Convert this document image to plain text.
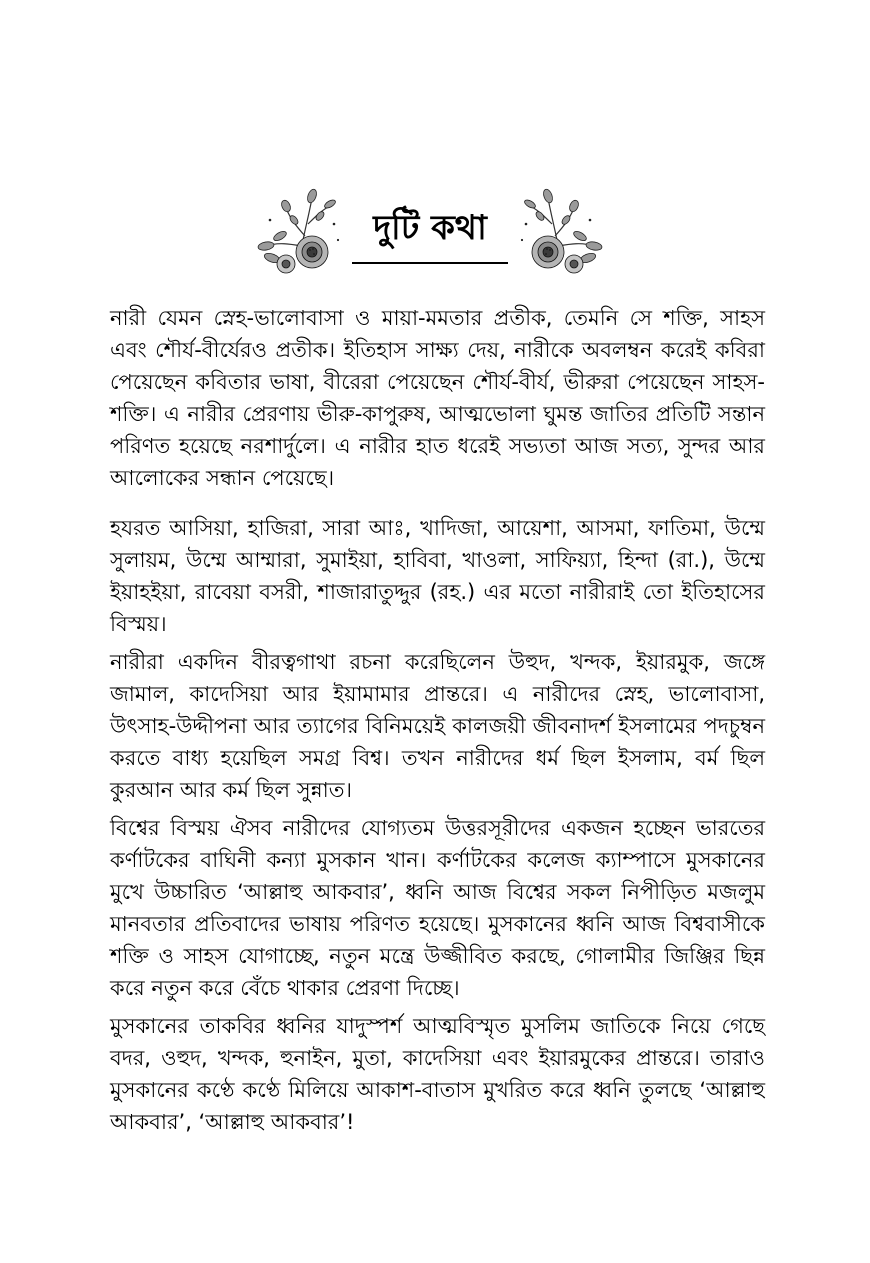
দুটি কথা

নারী যেমন স্নেহ-ভালোবাসা ও মায়া-মমতার প্রতীক, তেমনি সে শক্তি, সাহস এবং শৌর্য-বীর্যেরও প্রতীক। ইতিহাস সাক্ষ্য দেয়, নারীকে অবলম্বন করেই কবিরা পেয়েছেন কবিতার ভাষা, বীরেরা পেয়েছেন শৌর্য-বীর্য, ভীরুরা পেয়েছেন সাহস-শক্তি। এ নারীর প্রেরণায় ভীরু-কাপুরুষ, আত্মভোলা ঘুমন্ত জাতির প্রতিটি সন্তান পরিণত হয়েছে নরশার্দুলে। এ নারীর হাত ধরেই সভ্যতা আজ সত্য, সুন্দর আর আলোকের সন্ধান পেয়েছে।

হযরত আসিয়া, হাজিরা, সারা আঃ, খাদিজা, আয়েশা, আসমা, ফাতিমা, উম্মে সুলায়ম, উম্মে আম্মারা, সুমাইয়া, হাবিবা, খাওলা, সাফিয়্যা, হিন্দা (রা.), উম্মে ইয়াহইয়া, রাবেয়া বসরী, শাজারাতুদ্দুর (রহ.) এর মতো নারীরাই তো ইতিহাসের বিস্ময়।

নারীরা একদিন বীরত্বগাথা রচনা করেছিলেন উহুদ, খন্দক, ইয়ারমুক, জঙ্গে জামাল, কাদেসিয়া আর ইয়ামামার প্রান্তরে। এ নারীদের স্নেহ, ভালোবাসা, উৎসাহ-উদ্দীপনা আর ত্যাগের বিনিময়েই কালজয়ী জীবনাদর্শ ইসলামের পদচুম্বন করতে বাধ্য হয়েছিল সমগ্র বিশ্ব। তখন নারীদের ধর্ম ছিল ইসলাম, বর্ম ছিল কুরআন আর কর্ম ছিল সুন্নাত।

বিশ্বের বিস্ময় ঐসব নারীদের যোগ্যতম উত্তরসূরীদের একজন হচ্ছেন ভারতের কর্ণাটকের বাঘিনী কন্যা মুসকান খান। কর্ণাটকের কলেজ ক্যাম্পাসে মুসকানের মুখে উচ্চারিত ‘আল্লাহু আকবার’, ধ্বনি আজ বিশ্বের সকল নিপীড়িত মজলুম মানবতার প্রতিবাদের ভাষায় পরিণত হয়েছে। মুসকানের ধ্বনি আজ বিশ্ববাসীকে শক্তি ও সাহস যোগাচ্ছে, নতুন মন্ত্রে উজ্জীবিত করছে, গোলামীর জিঞ্জির ছিন্ন করে নতুন করে বেঁচে থাকার প্রেরণা দিচ্ছে।

মুসকানের তাকবির ধ্বনির যাদুস্পর্শ আত্মবিস্মৃত মুসলিম জাতিকে নিয়ে গেছে বদর, ওহুদ, খন্দক, হুনাইন, মুতা, কাদেসিয়া এবং ইয়ারমুকের প্রান্তরে। তারাও মুসকানের কণ্ঠে কণ্ঠে মিলিয়ে আকাশ-বাতাস মুখরিত করে ধ্বনি তুলছে ‘আল্লাহু আকবার’, ‘আল্লাহু আকবার’!
